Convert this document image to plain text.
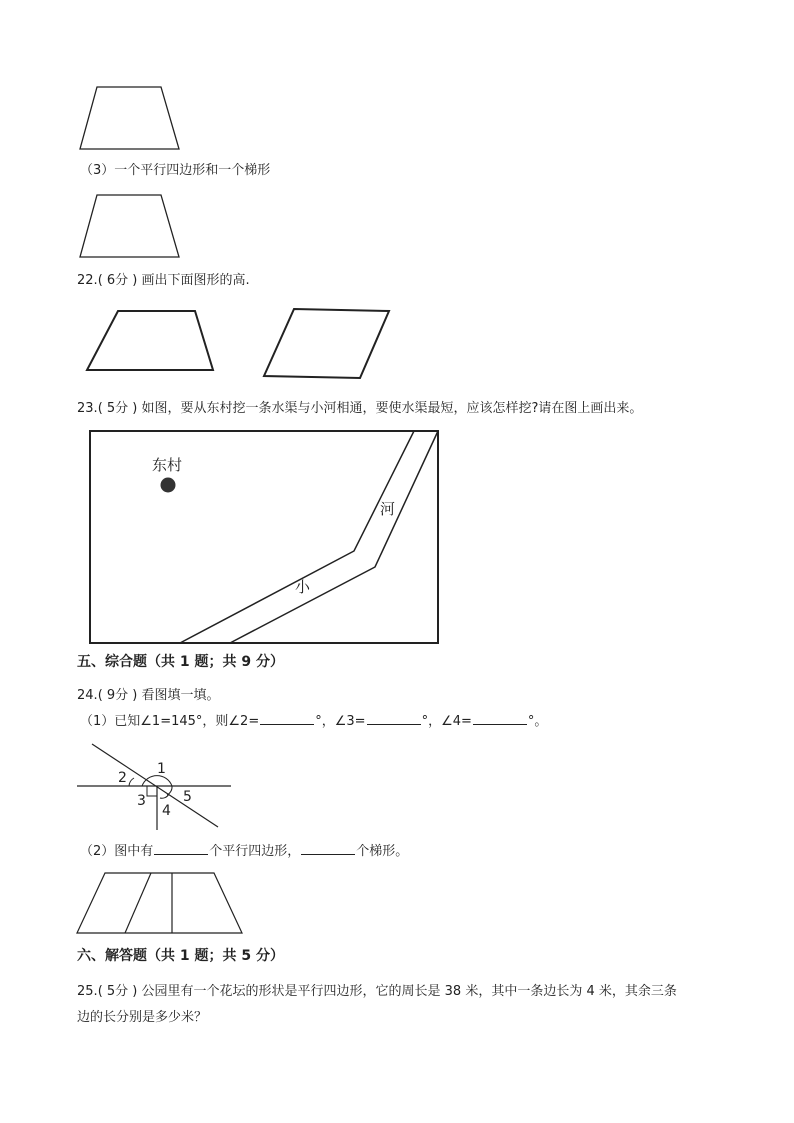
（3）一个平行四边形和一个梯形
22.( 6分 ) 画出下面图形的高.
23.( 5分 ) 如图，要从东村挖一条水渠与小河相通，要使水渠最短，应该怎样挖?请在图上画出来。
东村
河
小
五、综合题（共 1 题；共 9 分）
24.( 9分 ) 看图填一填。
（1）已知∠1=145°，则∠2=	°，∠3=	°，∠4=	°。
1
2
3
4
5
（2）图中有	个平行四边形，	个梯形。
六、解答题（共 1 题；共 5 分）
25.( 5分 ) 公园里有一个花坛的形状是平行四边形，它的周长是 38 米，其中一条边长为 4 米，其余三条
边的长分别是多少米？
